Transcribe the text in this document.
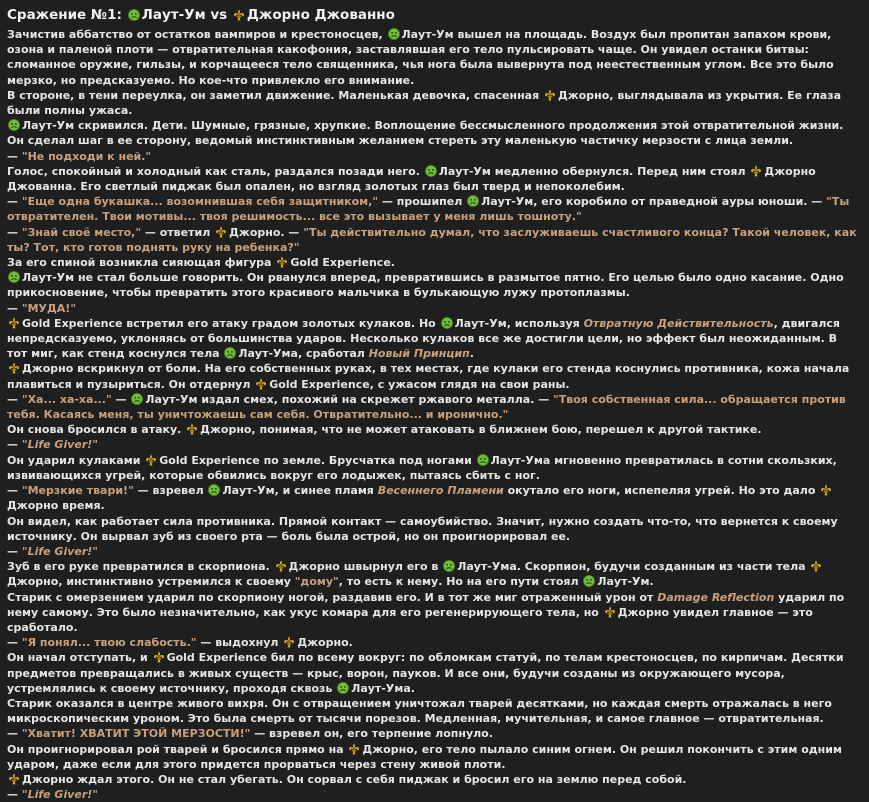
Сражение №1:
Лаут-Ум vs
Джорно Джованно
Зачистив аббатство от остатков вампиров и крестоносцев,
Лаут-Ум вышел на площадь. Воздух был пропитан запахом крови, озона и паленой плоти — отвратительная какофония, заставлявшая его тело пульсировать чаще. Он увидел останки битвы: сломанное оружие, гильзы, и корчащееся тело священника, чья нога была вывернута под неестественным углом. Все это было мерзко, но предсказуемо. Но кое-что привлекло его внимание.
В стороне, в тени переулка, он заметил движение. Маленькая девочка, спасенная
Джорно, выглядывала из укрытия. Ее глаза были полны ужаса.
Лаут-Ум скривился. Дети. Шумные, грязные, хрупкие. Воплощение бессмысленного продолжения этой отвратительной жизни. Он сделал шаг в ее сторону, ведомый инстинктивным желанием стереть эту маленькую частичку мерзости с лица земли.
— "Не подходи к ней."
Голос, спокойный и холодный как сталь, раздался позади него.
Лаут-Ум медленно обернулся. Перед ним стоял
Джорно Джованна. Его светлый пиджак был опален, но взгляд золотых глаз был тверд и непоколебим.
— "Еще одна букашка... возомнившая себя защитником," — прошипел
Лаут-Ум, его коробило от праведной ауры юноши. — "Ты отвратителен. Твои мотивы... твоя решимость... все это вызывает у меня лишь тошноту."
— "Знай своё место," — ответил
Джорно. — "Ты действительно думал, что заслуживаешь счастливого конца? Такой человек, как ты? Тот, кто готов поднять руку на ребенка?"
За его спиной возникла сияющая фигура
Gold Experience.
Лаут-Ум не стал больше говорить. Он рванулся вперед, превратившись в размытое пятно. Его целью было одно касание. Одно прикосновение, чтобы превратить этого красивого мальчика в булькающую лужу протоплазмы.
— "МУДА!"
Gold Experience встретил его атаку градом золотых кулаков. Но
Лаут-Ум, используя Отвратную Действительность, двигался непредсказуемо, уклоняясь от большинства ударов. Несколько кулаков все же достигли цели, но эффект был неожиданным. В тот миг, как стенд коснулся тела
Лаут-Ума, сработал Новый Принцип.
Джорно вскрикнул от боли. На его собственных руках, в тех местах, где кулаки его стенда коснулись противника, кожа начала плавиться и пузыриться. Он отдернул
Gold Experience, с ужасом глядя на свои раны.
— "Ха... ха-ха..." —
Лаут-Ум издал смех, похожий на скрежет ржавого металла. — "Твоя собственная сила... обращается против тебя. Касаясь меня, ты уничтожаешь сам себя. Отвратительно... и иронично."
Он снова бросился в атаку.
Джорно, понимая, что не может атаковать в ближнем бою, перешел к другой тактике.
— "Life Giver!"
Он ударил кулаками
Gold Experience по земле. Брусчатка под ногами
Лаут-Ума мгновенно превратилась в сотни скользких, извивающихся угрей, которые обвились вокруг его лодыжек, пытаясь сбить с ног.
— "Мерзкие твари!" — взревел
Лаут-Ум, и синее пламя Весеннего Пламени окутало его ноги, испепеляя угрей. Но это дало
Джорно время.
Он видел, как работает сила противника. Прямой контакт — самоубийство. Значит, нужно создать что-то, что вернется к своему источнику. Он вырвал зуб из своего рта — боль была острой, но он проигнорировал ее.
— "Life Giver!"
Зуб в его руке превратился в скорпиона.
Джорно швырнул его в
Лаут-Ума. Скорпион, будучи созданным из части тела
Джорно, инстинктивно устремился к своему "дому", то есть к нему. Но на его пути стоял
Лаут-Ум.
Старик с омерзением ударил по скорпиону ногой, раздавив его. И в тот же миг отраженный урон от Damage Reflection ударил по нему самому. Это было незначительно, как укус комара для его регенерирующего тела, но
Джорно увидел главное — это сработало.
— "Я понял... твою слабость." — выдохнул
Джорно.
Он начал отступать, и
Gold Experience бил по всему вокруг: по обломкам статуй, по телам крестоносцев, по кирпичам. Десятки предметов превращались в живых существ — крыс, ворон, пауков. И все они, будучи созданы из окружающего мусора, устремлялись к своему источнику, проходя сквозь
Лаут-Ума.
Старик оказался в центре живого вихря. Он с отвращением уничтожал тварей десятками, но каждая смерть отражалась в него микроскопическим уроном. Это была смерть от тысячи порезов. Медленная, мучительная, и самое главное — отвратительная.
— "Хватит! ХВАТИТ ЭТОЙ МЕРЗОСТИ!" — взревел он, его терпение лопнуло.
Он проигнорировал рой тварей и бросился прямо на
Джорно, его тело пылало синим огнем. Он решил покончить с этим одним ударом, даже если для этого придется прорваться через стену живой плоти.
Джорно ждал этого. Он не стал убегать. Он сорвал с себя пиджак и бросил его на землю перед собой.
— "Life Giver!"
